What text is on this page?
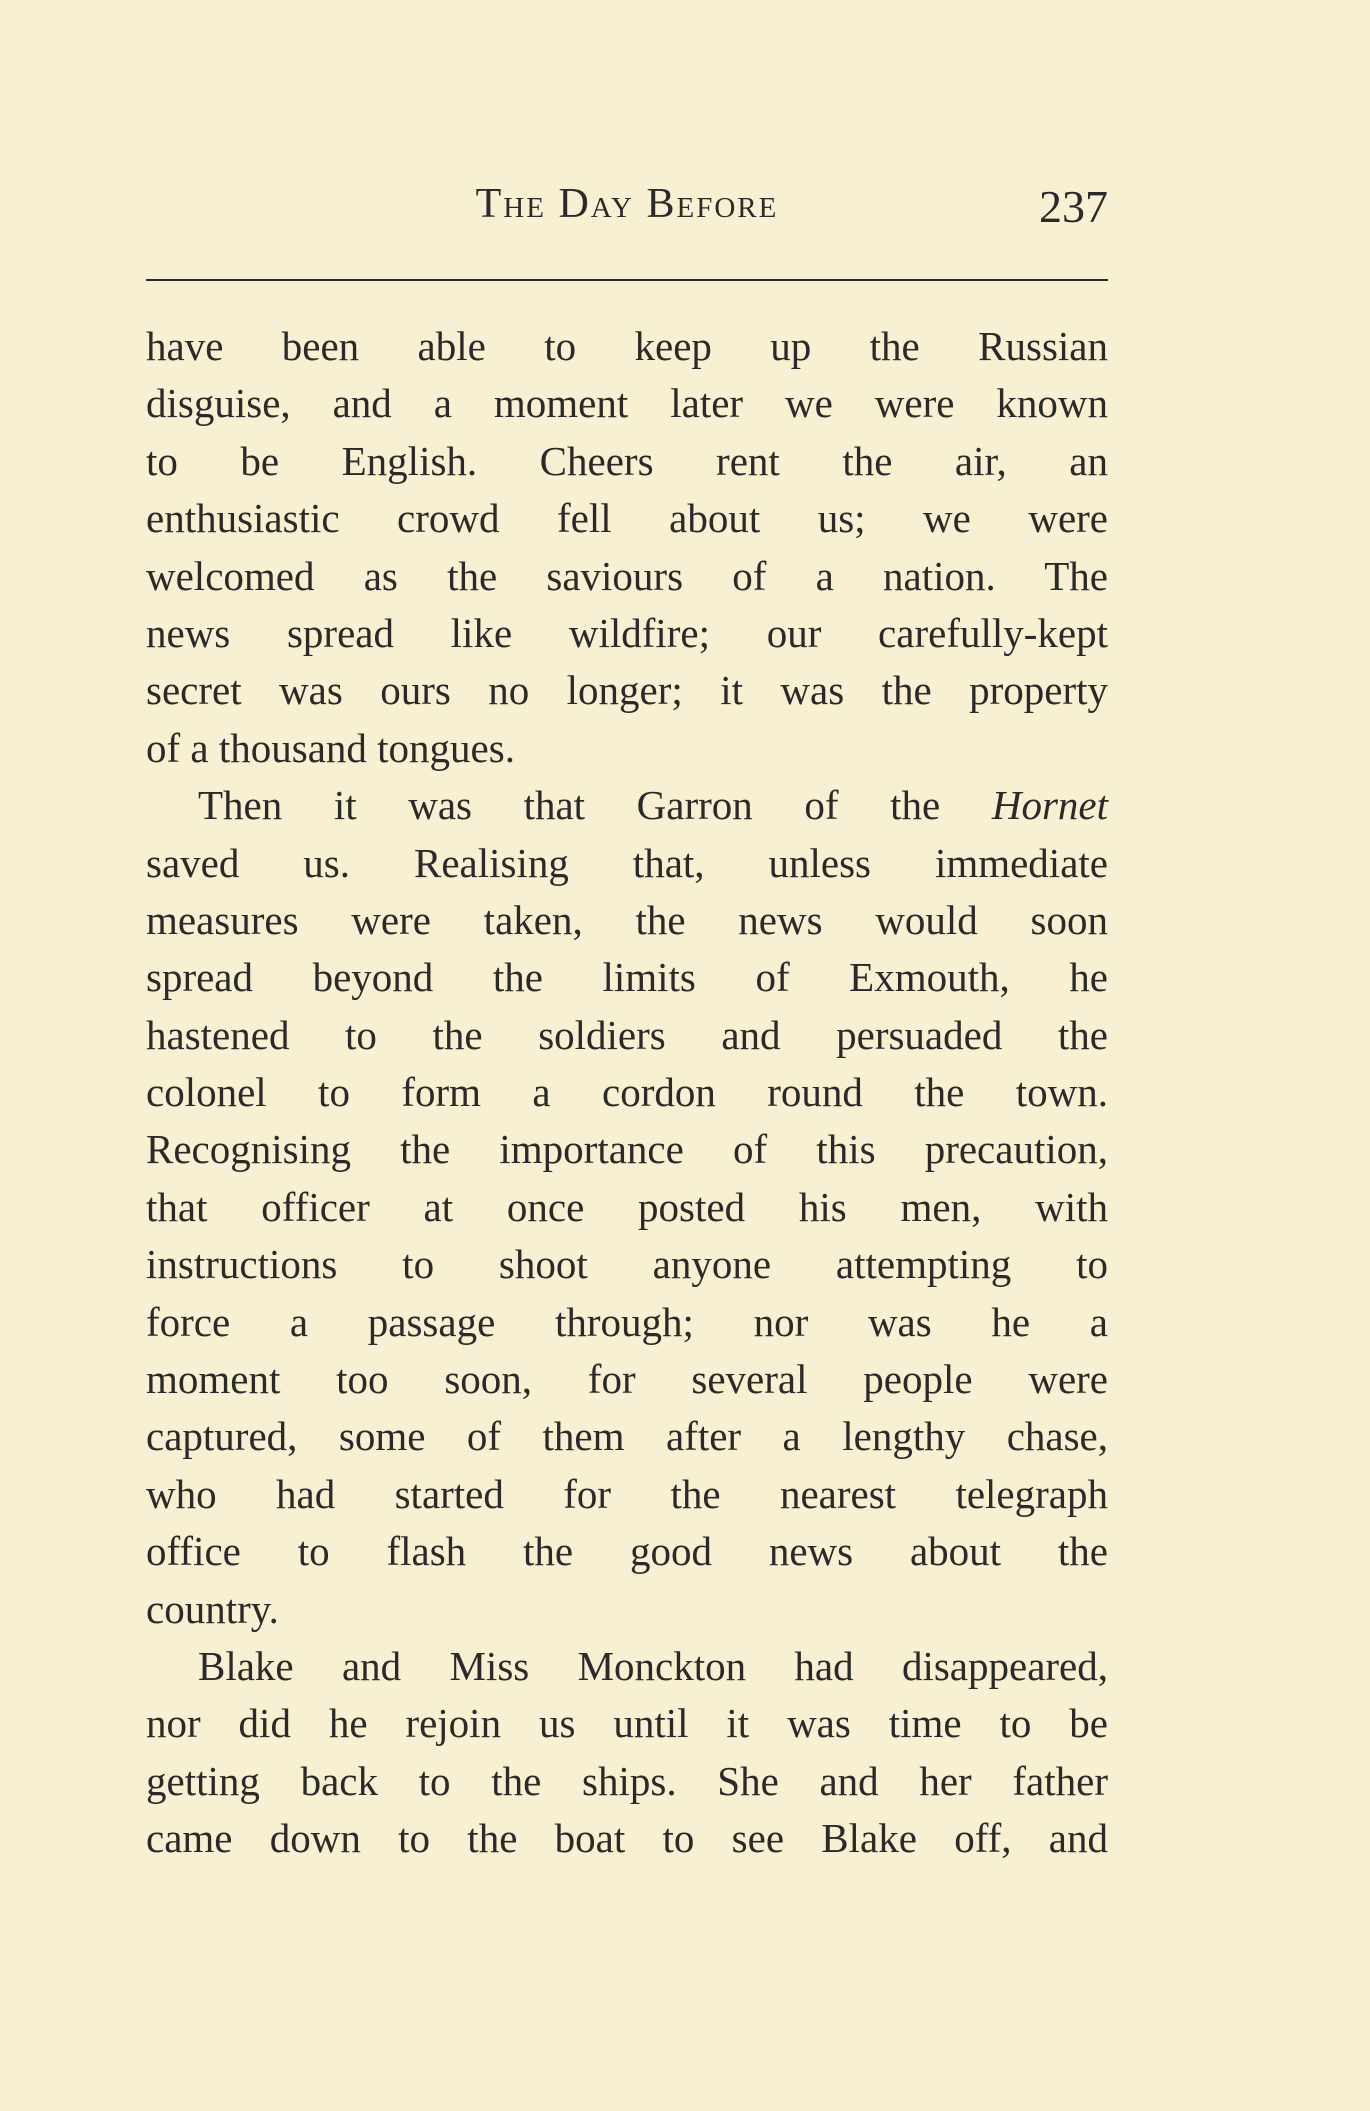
The Day Before	237
have been able to keep up the Russian
disguise, and a moment later we were known
to be English. Cheers rent the air, an
enthusiastic crowd fell about us; we were
welcomed as the saviours of a nation. The
news spread like wildfire; our carefully-kept
secret was ours no longer; it was the property
of a thousand tongues.
Then it was that Garron of the Hornet
saved us. Realising that, unless immediate
measures were taken, the news would soon
spread beyond the limits of Exmouth, he
hastened to the soldiers and persuaded the
colonel to form a cordon round the town.
Recognising the importance of this precaution,
that officer at once posted his men, with
instructions to shoot anyone attempting to
force a passage through; nor was he a
moment too soon, for several people were
captured, some of them after a lengthy chase,
who had started for the nearest telegraph
office to flash the good news about the
country.
Blake and Miss Monckton had disappeared,
nor did he rejoin us until it was time to be
getting back to the ships. She and her father
came down to the boat to see Blake off, and
